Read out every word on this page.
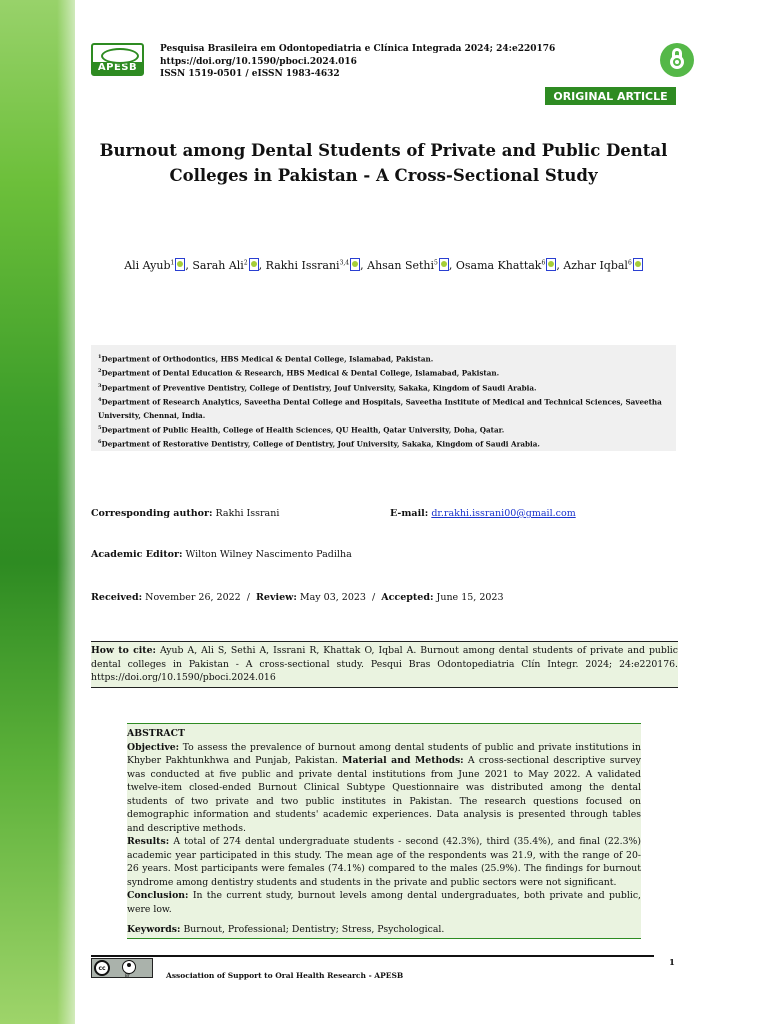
APESB
Pesquisa Brasileira em Odontopediatria e Clínica Integrada 2024; 24:e220176
https://doi.org/10.1590/pboci.2024.016
ISSN 1519-0501 / eISSN 1983-4632
ORIGINAL ARTICLE
Burnout among Dental Students of Private and Public Dental
Colleges in Pakistan - A Cross-Sectional Study
Ali Ayub$^1$ , Sarah Ali$^2$ , Rakhi Issrani$^{3,4}$ , Ahsan Sethi$^5$ , Osama Khattak$^6$ , Azhar Iqbal$^6$
$^1$Department of Orthodontics, HBS Medical & Dental College, Islamabad, Pakistan.
$^2$Department of Dental Education & Research, HBS Medical & Dental College, Islamabad, Pakistan.
$^3$Department of Preventive Dentistry, College of Dentistry, Jouf University, Sakaka, Kingdom of Saudi Arabia.
$^4$Department of Research Analytics, Saveetha Dental College and Hospitals, Saveetha Institute of Medical and Technical Sciences, Saveetha University, Chennai, India.
$^5$Department of Public Health, College of Health Sciences, QU Health, Qatar University, Doha, Qatar.
$^6$Department of Restorative Dentistry, College of Dentistry, Jouf University, Sakaka, Kingdom of Saudi Arabia.
Corresponding author: Rakhi Issrani	E-mail: dr.rakhi.issrani00@gmail.com
Academic Editor: Wilton Wilney Nascimento Padilha
Received: November 26, 2022 / Review: May 03, 2023 / Accepted: June 15, 2023
How to cite: Ayub A, Ali S, Sethi A, Issrani R, Khattak O, Iqbal A. Burnout among dental students of private and public dental colleges in Pakistan - A cross-sectional study. Pesqui Bras Odontopediatria Clín Integr. 2024; 24:e220176. https://doi.org/10.1590/pboci.2024.016

ABSTRACT

Objective: To assess the prevalence of burnout among dental students of public and private institutions in Khyber Pakhtunkhwa and Punjab, Pakistan. Material and Methods: A cross-sectional descriptive survey was conducted at five public and private dental institutions from June 2021 to May 2022. A validated twelve-item closed-ended Burnout Clinical Subtype Questionnaire was distributed among the dental students of two private and two public institutes in Pakistan. The research questions focused on demographic information and students' academic experiences. Data analysis is presented through tables and descriptive methods.

Results: A total of 274 dental undergraduate students - second (42.3%), third (35.4%), and final (22.3%) academic year participated in this study. The mean age of the respondents was 21.9, with the range of 20-26 years. Most participants were females (74.1%) compared to the males (25.9%). The findings for burnout syndrome among dentistry students and students in the private and public sectors were not significant.

Conclusion: In the current study, burnout levels among dental undergraduates, both private and public, were low.

Keywords: Burnout, Professional; Dentistry; Stress, Psychological.

cc
BY	Association of Support to Oral Health Research - APESB
1
